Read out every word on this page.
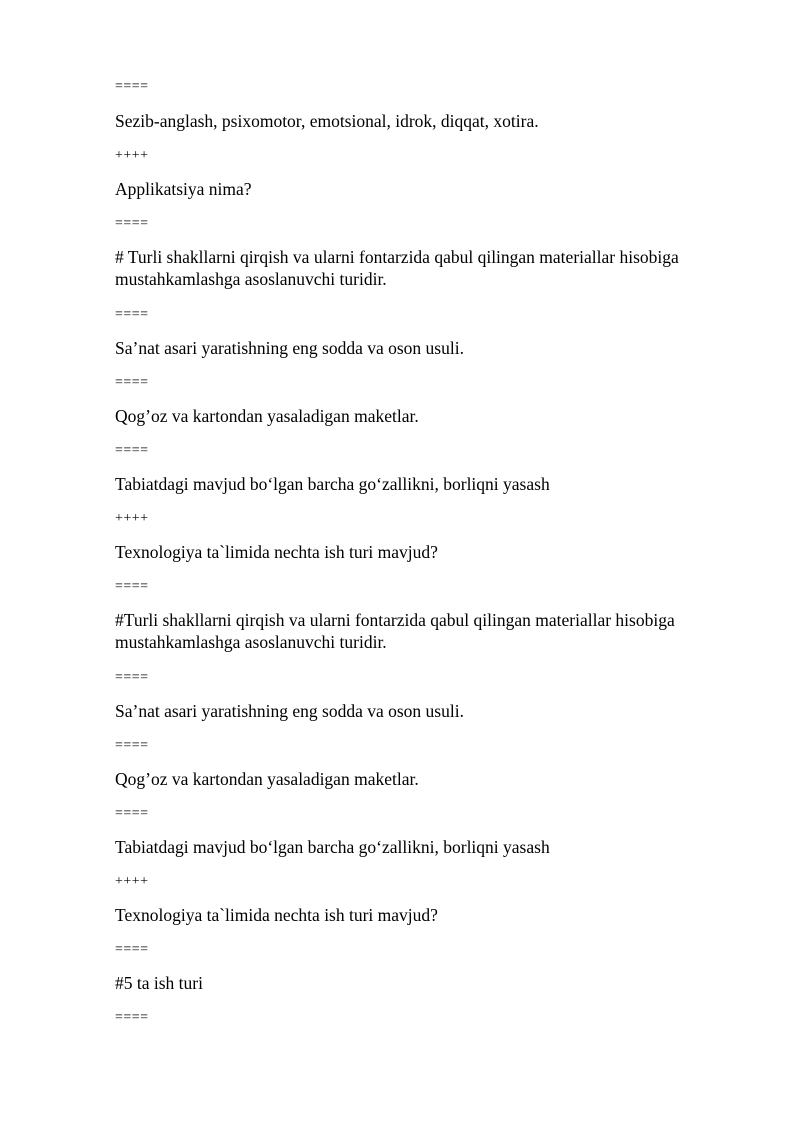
====

Sezib-anglash, psixomotor, emotsional, idrok, diqqat, xotira.

++++

Applikatsiya nima?

====

# Turli shakllarni qirqish va ularni fontarzida qabul qilingan materiallar hisobiga mustahkamlashga asoslanuvchi turidir.

====

Sa’nat asari yaratishning eng sodda va oson usuli.

====

Qog’oz va kartondan yasaladigan maketlar.

====

Tabiatdagi mavjud bo‘lgan barcha go‘zallikni, borliqni yasash

++++

Texnologiya ta`limida nechta ish turi mavjud?

====

#Turli shakllarni qirqish va ularni fontarzida qabul qilingan materiallar hisobiga mustahkamlashga asoslanuvchi turidir.

====

Sa’nat asari yaratishning eng sodda va oson usuli.

====

Qog’oz va kartondan yasaladigan maketlar.

====

Tabiatdagi mavjud bo‘lgan barcha go‘zallikni, borliqni yasash

++++

Texnologiya ta`limida nechta ish turi mavjud?

====

#5 ta ish turi

====
